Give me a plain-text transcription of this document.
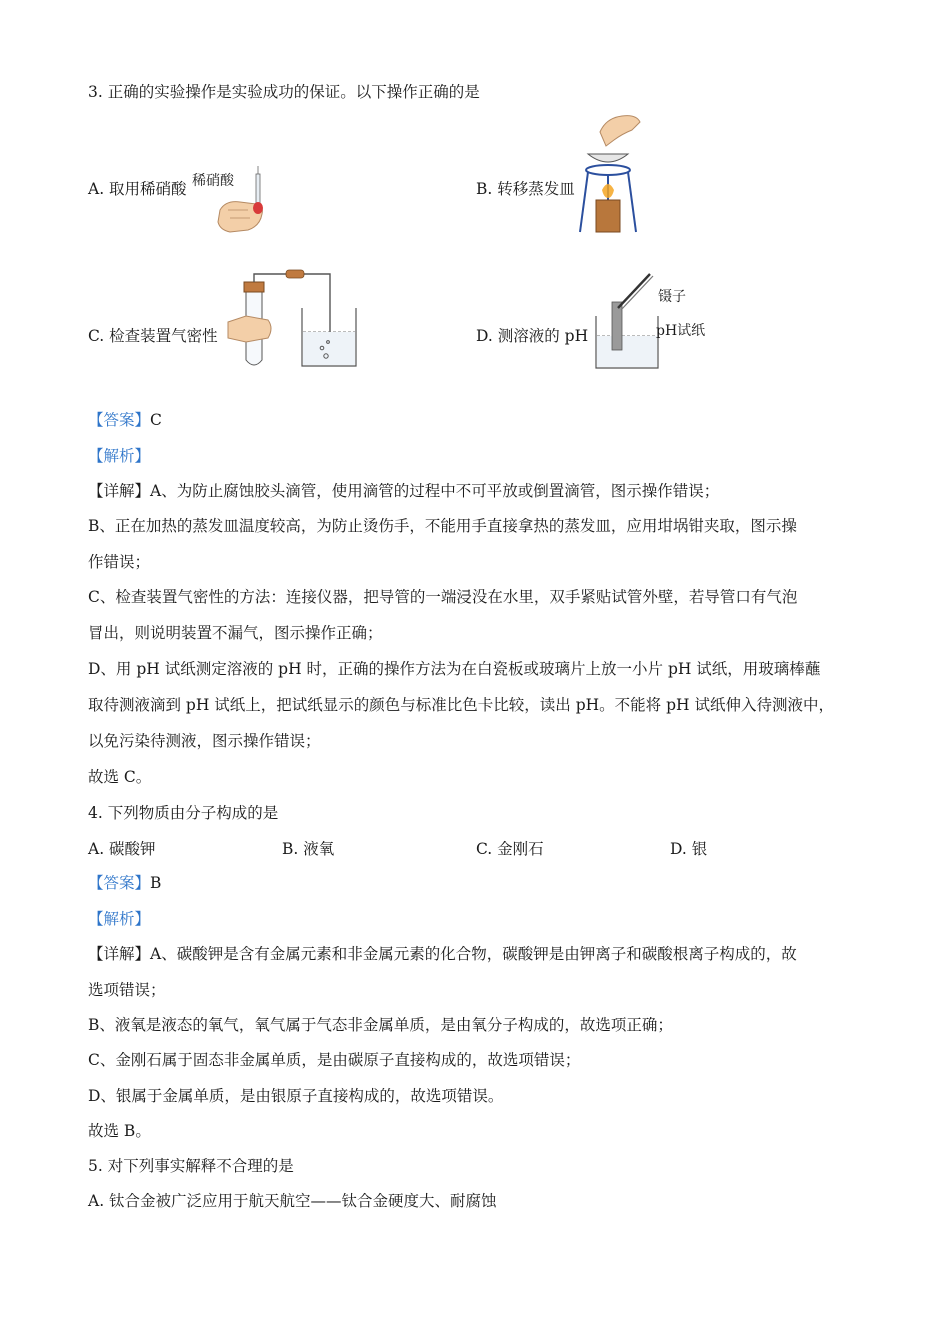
3. 正确的实验操作是实验成功的保证。以下操作正确的是
A. 取用稀硝酸 稀硝酸	B. 转移蒸发皿
C. 检查装置气密性	D. 测溶液的 pH
镊子
pH试纸
【答案】C
【解析】
【详解】A、为防止腐蚀胶头滴管，使用滴管的过程中不可平放或倒置滴管，图示操作错误；
B、正在加热的蒸发皿温度较高，为防止烫伤手，不能用手直接拿热的蒸发皿，应用坩埚钳夹取，图示操
作错误；
C、检查装置气密性的方法：连接仪器，把导管的一端浸没在水里，双手紧贴试管外壁，若导管口有气泡
冒出，则说明装置不漏气，图示操作正确；
D、用 pH 试纸测定溶液的 pH 时，正确的操作方法为在白瓷板或玻璃片上放一小片 pH 试纸，用玻璃棒蘸
取待测液滴到 pH 试纸上，把试纸显示的颜色与标准比色卡比较，读出 pH。不能将 pH 试纸伸入待测液中，
以免污染待测液，图示操作错误；
故选 C。
4. 下列物质由分子构成的是
A. 碳酸钾	B. 液氧	C. 金刚石	D. 银
【答案】B
【解析】
【详解】A、碳酸钾是含有金属元素和非金属元素的化合物，碳酸钾是由钾离子和碳酸根离子构成的，故
选项错误；
B、液氧是液态的氧气，氧气属于气态非金属单质，是由氧分子构成的，故选项正确；
C、金刚石属于固态非金属单质，是由碳原子直接构成的，故选项错误；
D、银属于金属单质，是由银原子直接构成的，故选项错误。
故选 B。
5. 对下列事实解释不合理的是
A. 钛合金被广泛应用于航天航空——钛合金硬度大、耐腐蚀
